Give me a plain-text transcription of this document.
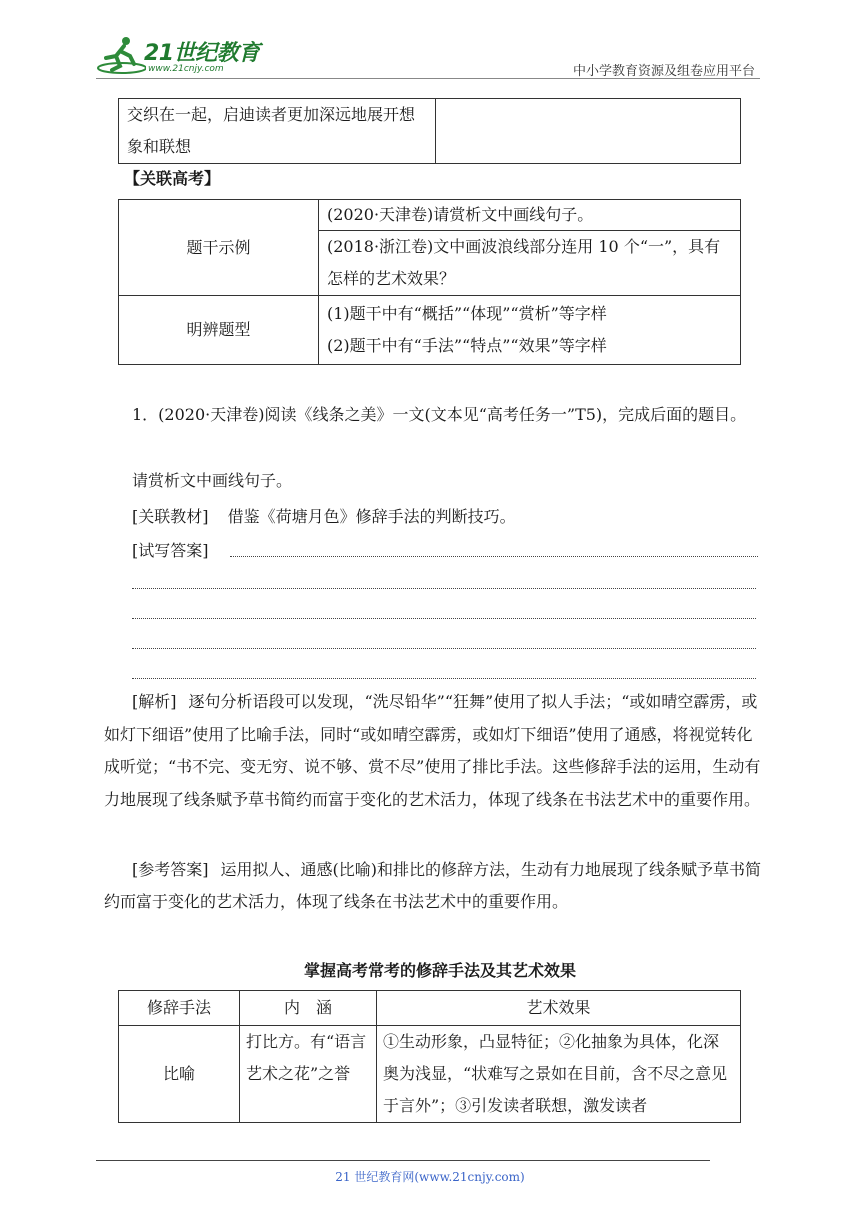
21世纪教育
www.21cnjy.com	中小学教育资源及组卷应用平台
交织在一起，启迪读者更加深远地展开想象和联想	
【关联高考】
题干示例	(2020·天津卷)请赏析文中画线句子。
	(2018·浙江卷)文中画波浪线部分连用 10 个“一”，具有怎样的艺术效果？
明辨题型	(1)题干中有“概括”“体现”“赏析”等字样
(2)题干中有“手法”“特点”“效果”等字样
1．(2020·天津卷)阅读《线条之美》一文(文本见“高考任务一”T5)，完成后面的题目。
请赏析文中画线句子。
[关联教材] 借鉴《荷塘月色》修辞手法的判断技巧。
[试写答案]
[解析] 逐句分析语段可以发现，“洗尽铅华”“狂舞”使用了拟人手法；“或如晴空霹雳，或如灯下细语”使用了比喻手法，同时“或如晴空霹雳，或如灯下细语”使用了通感，将视觉转化成听觉；“书不完、变无穷、说不够、赏不尽”使用了排比手法。这些修辞手法的运用，生动有力地展现了线条赋予草书简约而富于变化的艺术活力，体现了线条在书法艺术中的重要作用。
[参考答案] 运用拟人、通感(比喻)和排比的修辞方法，生动有力地展现了线条赋予草书简约而富于变化的艺术活力，体现了线条在书法艺术中的重要作用。
掌握高考常考的修辞手法及其艺术效果
修辞手法	内　涵	艺术效果
比喻	打比方。有“语言艺术之花”之誉	①生动形象，凸显特征；②化抽象为具体，化深奥为浅显，“状难写之景如在目前，含不尽之意见于言外”；③引发读者联想，激发读者
21 世纪教育网(www.21cnjy.com)
